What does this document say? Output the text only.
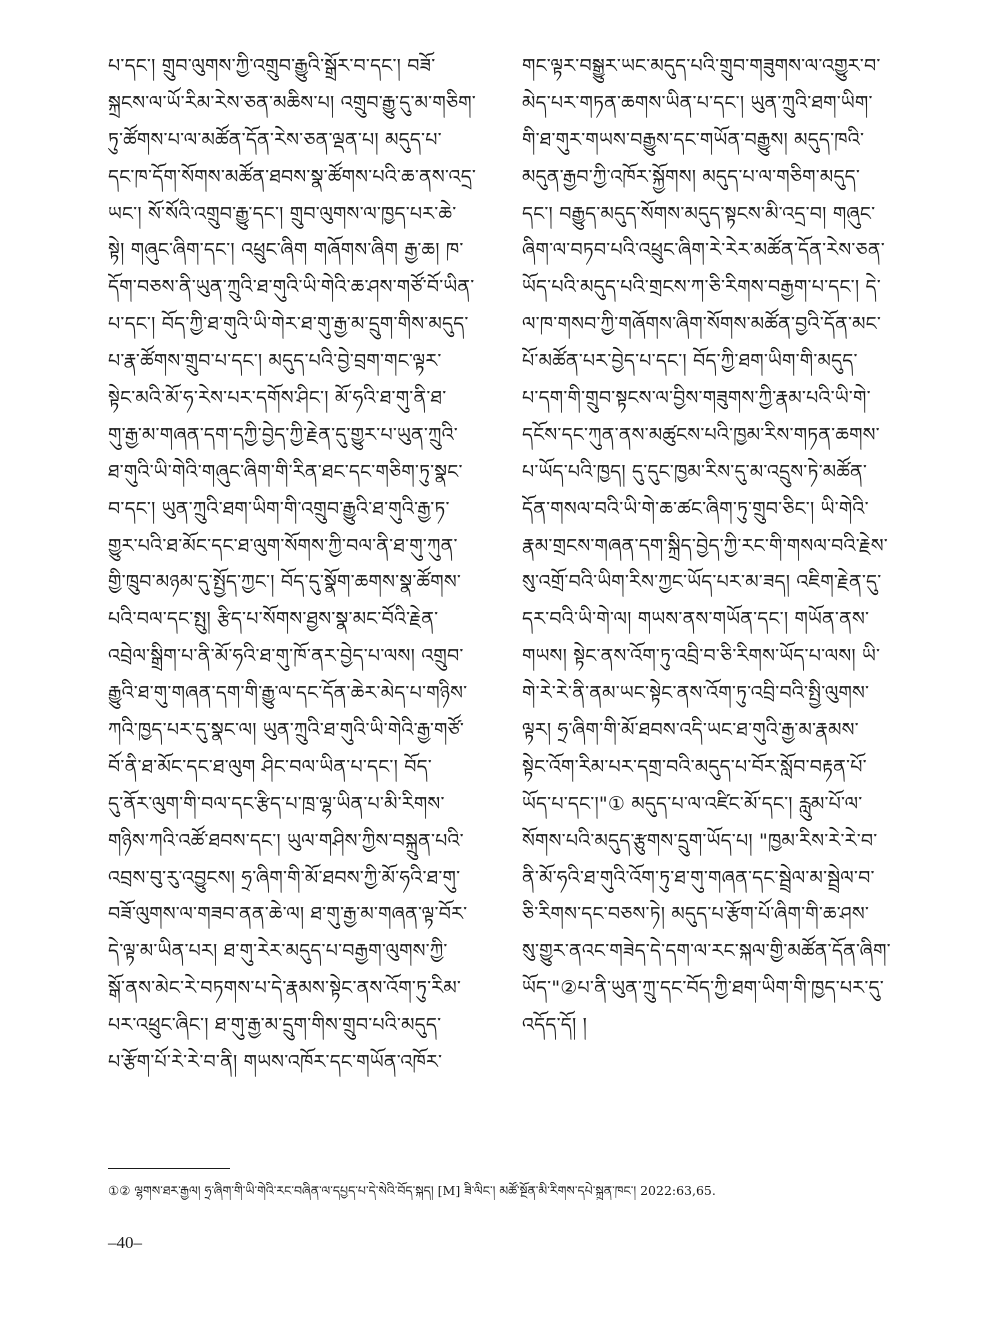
པ་དང་། གྲུབ་ལུགས་ཀྱི་འགྲུབ་རྒྱུའི་སྒྲོར་བ་དང་། བཟོ་
སྐྲངས་ལ་ཡོ་རིམ་རེས་ཅན་མཆིས་པ། འགྲུབ་རྒྱུ་དུ་མ་གཅིག་
ཏུ་ཚོགས་པ་ལ་མཚོན་དོན་རེས་ཅན་ལྡན་པ། མདུད་པ་
དང་ཁ་དོག་སོགས་མཚོན་ཐབས་སྣ་ཚོགས་པའི་ཆ་ནས་འདྲ་
ཡང་། སོ་སོའི་འགྲུབ་རྒྱུ་དང་། གྲུབ་ལུགས་ལ་ཁྱད་པར་ཆེ་
སྟེ། གཞུང་ཞིག་དང་། འཕྲུང་ཞིག གཞོགས་ཞིག རྒྱ་ཆ། ཁ་
དོག་བཅས་ནི་ཡུན་ཀྲུའི་ཐ་གུའི་ཡི་གེའི་ཆ་ཤས་གཙོ་བོ་ཡིན་
པ་དང་། བོད་ཀྱི་ཐ་གུའི་ཡི་གེར་ཐ་གུ་རྒྱ་མ་དྲུག་གིས་མདུད་
པ་རྣ་ཚོགས་གྲུབ་པ་དང་། མདུད་པའི་བྱེ་བྲག་གང་ལྟར་
སྟེང་མའི་མོ་ཧ་རེས་པར་དགོས་ཤིང་། མོ་ཧའི་ཐ་གུ་ནི་ཐ་
གུ་རྒྱ་མ་གཞན་དག་དཀྱི་བྱེད་ཀྱི་རྗེན་དུ་གྱུར་པ་ཡུན་ཀྲུའི་
ཐ་གུའི་ཡི་གེའི་གཞུང་ཞིག་གི་རིན་ཐང་དང་གཅིག་ཏུ་སྣང་
བ་དང་། ཡུན་ཀྲུའི་ཐག་ཡིག་གི་འགྲུབ་རྒྱུའི་ཐ་གུའི་རྒྱ་ཏ་
གྱུར་པའི་ཐ་མོང་དང་ཐ་ལུག་སོགས་ཀྱི་བལ་ནི་ཐ་གུ་ཀུན་
གྱི་ཁྲུབ་མཉམ་དུ་སྤྱོད་ཀྱང་། བོད་དུ་སྣོག་ཆགས་སྣ་ཚོགས་
པའི་བལ་དང་སྤུ། རྩིད་པ་སོགས་ཐྱས་སྣ་མང་བོའི་རྗེན་
འབྲེལ་སྒྲིག་པ་ནི་མོ་ཧའི་ཐ་གུ་ཁོ་ནར་བྱེད་པ་ལས། འགྲུབ་
རྒྱུའི་ཐ་གུ་གཞན་དག་གི་རྒྱུ་ལ་དང་དོན་ཆེར་མེད་པ་གཉིས་
ཀའི་ཁྱད་པར་དུ་སྣང་ལ། ཡུན་ཀྲུའི་ཐ་གུའི་ཡི་གེའི་རྒྱ་གཙོ་
བོ་ནི་ཐ་མོང་དང་ཐ་ལུག ཤིང་བལ་ཡིན་པ་དང་། བོད་
དུ་ནོར་ལུག་གི་བལ་དང་རྩིད་པ་ཁྲ་ལྷ་ཡིན་པ་མི་རིགས་
གཉིས་ཀའི་འཚོ་ཐབས་དང་། ཡུལ་གཤིས་ཀྱིས་བསྐྲུན་པའི་
འབྲས་བུ་རུ་འབྱུངས། ཧྲ་ཞིག་གི་མོ་ཐབས་ཀྱི་མོ་ཧའི་ཐ་གུ་
བཟོ་ལུགས་ལ་གཟབ་ནན་ཆེ་ལ། ཐ་གུ་རྒྱ་མ་གཞན་ལྟ་བོར་
དེ་ལྟ་མ་ཡིན་པར། ཐ་གུ་རེར་མདུད་པ་བརྒྱག་ལུགས་ཀྱི་
སྒོ་ནས་མེང་རེ་བཏགས་པ་དེ་རྣམས་སྟེང་ནས་འོག་ཏུ་རིམ་
པར་འཕྲུང་ཞིང་། ཐ་གུ་རྒྱ་མ་དྲུག་གིས་གྲུབ་པའི་མདུད་
པ་རྩོག་པོ་རེ་རེ་བ་ནི། གཡས་འཁོར་དང་གཡོན་འཁོར་
གང་ལྟར་བསྒྱུར་ཡང་མདུད་པའི་གྲུབ་གཟུགས་ལ་འགྱུར་བ་
མེད་པར་གཏན་ཆགས་ཡིན་པ་དང་། ཡུན་ཀྲུའི་ཐག་ཡིག་
གི་ཐ་གུར་གཡས་བརྒྱུས་དང་གཡོན་བརྒྱུས། མདུད་ཁའི་
མདུན་རྒྱབ་ཀྱི་འཁོར་སྐྱོགས། མདུད་པ་ལ་གཅིག་མདུད་
དང་། བརྒྱུད་མདུད་སོགས་མདུད་སྟངས་མི་འདྲ་བ། གཞུང་
ཞིག་ལ་བཏབ་པའི་འཕྲུང་ཞིག་རེ་རེར་མཚོན་དོན་རེས་ཅན་
ཡོད་པའི་མདུད་པའི་གྲངས་ཀ་ཅི་རིགས་བརྒྱག་པ་དང་། དེ་
ལ་ཁ་གསབ་ཀྱི་གཞོགས་ཞིག་སོགས་མཚོན་བྱའི་དོན་མང་
པོ་མཚོན་པར་བྱེད་པ་དང་། བོད་ཀྱི་ཐག་ཡིག་གི་མདུད་
པ་དག་གི་གྲུབ་སྟངས་ལ་བྱིས་གཟུགས་ཀྱི་རྣམ་པའི་ཡི་གེ་
དངོས་དང་ཀུན་ནས་མཚུངས་པའི་ཁྱམ་རིས་གཏན་ཆགས་
པ་ཡོད་པའི་ཁྱད། དུ་དུང་ཁྱམ་རིས་དུ་མ་འདྲུས་ཏེ་མཚོན་
དོན་གསལ་བའི་ཡི་གེ་ཆ་ཚང་ཞིག་ཏུ་གྲུབ་ཅིང་། ཡི་གེའི་
རྣམ་གྲངས་གཞན་དག་སྐྲིད་བྱེད་ཀྱི་རང་གི་གསལ་བའི་རྗེས་
སུ་འགྲོ་བའི་ཡིག་རིས་ཀྱང་ཡོད་པར་མ་ཟད། འཇིག་རྗེན་དུ་
དར་བའི་ཡི་གེ་ལ། གཡས་ནས་གཡོན་དང་། གཡོན་ནས་
གཡས། སྟེང་ནས་འོག་ཏུ་འབྲི་བ་ཅི་རིགས་ཡོད་པ་ལས། ཡི་
གེ་རེ་རེ་ནི་ནམ་ཡང་སྟེང་ནས་འོག་ཏུ་འབྲི་བའི་སྤྱི་ལུགས་
ལྟར། ཧྲ་ཞིག་གི་མོ་ཐབས་འདི་ཡང་ཐ་གུའི་རྒྱ་མ་རྣམས་
སྟེང་འོག་རིམ་པར་དགྲ་བའི་མདུད་པ་བོར་སློབ་བརྟན་པོ་
ཡོད་པ་དང་།"① མདུད་པ་ལ་འཛིང་མོ་དང་། རླུམ་པོ་ལ་
སོགས་པའི་མདུད་རྩུགས་དྲུག་ཡོད་པ། "ཁྱམ་རིས་རེ་རེ་བ་
ནི་མོ་ཧའི་ཐ་གུའི་འོག་ཏུ་ཐ་གུ་གཞན་དང་སྦྲེལ་མ་སྦྲེལ་བ་
ཅི་རིགས་དང་བཅས་ཏེ། མདུད་པ་རྩོག་པོ་ཞིག་གི་ཆ་ཤས་
སུ་གྱུར་ནའང་གཟེད་དེ་དག་ལ་རང་སྐལ་གྱི་མཚོན་དོན་ཞིག་
ཡོད་"②པ་ནི་ཡུན་ཀྲུ་དང་བོད་ཀྱི་ཐག་ཡིག་གི་ཁྱད་པར་དུ་
འདོད་དོ། །
①② ལྷགས་ཐར་རྒྱལ། ཧྲ་ཞིག་གི་ཡི་གེའི་རང་བཞིན་ལ་དཔྱད་པ་དེ་སེའི་བོད་སྐད། [M] ཟི་ལིང་། མཚོ་སྔོན་མི་རིགས་དཔེ་སྐྲུན་ཁང་། 2022:63,65.
–40–
